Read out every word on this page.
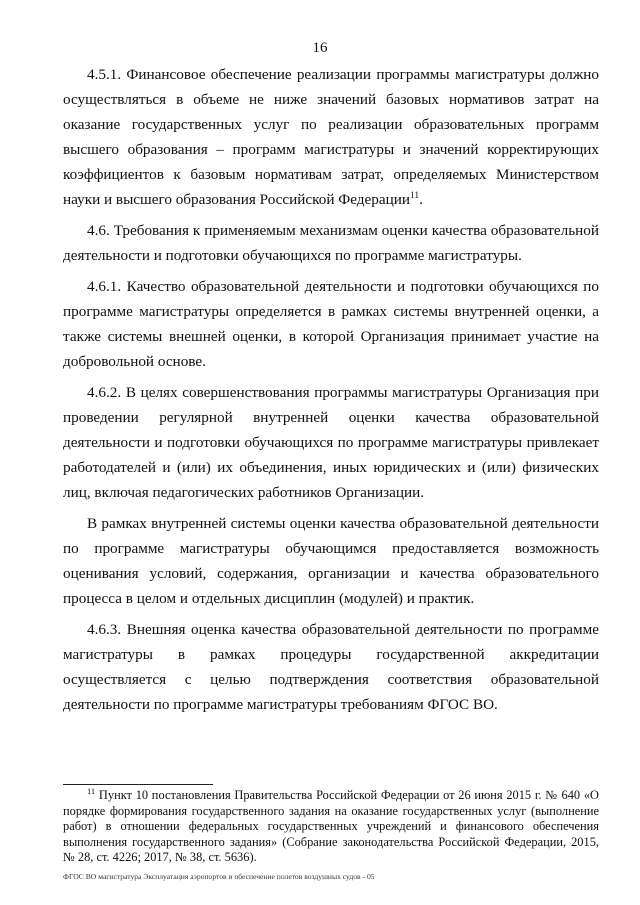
16

4.5.1. Финансовое обеспечение реализации программы магистратуры должно осуществляться в объеме не ниже значений базовых нормативов затрат на оказание государственных услуг по реализации образовательных программ высшего образования – программ магистратуры и значений корректирующих коэффициентов к базовым нормативам затрат, определяемых Министерством науки и высшего образования Российской Федерации$^{11}$.

4.6. Требования к применяемым механизмам оценки качества образовательной деятельности и подготовки обучающихся по программе магистратуры.

4.6.1. Качество образовательной деятельности и подготовки обучающихся по программе магистратуры определяется в рамках системы внутренней оценки, а также системы внешней оценки, в которой Организация принимает участие на добровольной основе.

4.6.2. В целях совершенствования программы магистратуры Организация при проведении регулярной внутренней оценки качества образовательной деятельности и подготовки обучающихся по программе магистратуры привлекает работодателей и (или) их объединения, иных юридических и (или) физических лиц, включая педагогических работников Организации.

В рамках внутренней системы оценки качества образовательной деятельности по программе магистратуры обучающимся предоставляется возможность оценивания условий, содержания, организации и качества образовательного процесса в целом и отдельных дисциплин (модулей) и практик.

4.6.3. Внешняя оценка качества образовательной деятельности по программе магистратуры в рамках процедуры государственной аккредитации осуществляется с целью подтверждения соответствия образовательной деятельности по программе магистратуры требованиям ФГОС ВО.

$^{11}$ Пункт 10 постановления Правительства Российской Федерации от 26 июня 2015 г. № 640 «О порядке формирования государственного задания на оказание государственных услуг (выполнение работ) в отношении федеральных государственных учреждений и финансового обеспечения выполнения государственного задания» (Собрание законодательства Российской Федерации, 2015, № 28, ст. 4226; 2017, № 38, ст. 5636).

ФГОС ВО магистратура Эксплуатация аэропортов и обеспечение полетов воздушных судов - 05
